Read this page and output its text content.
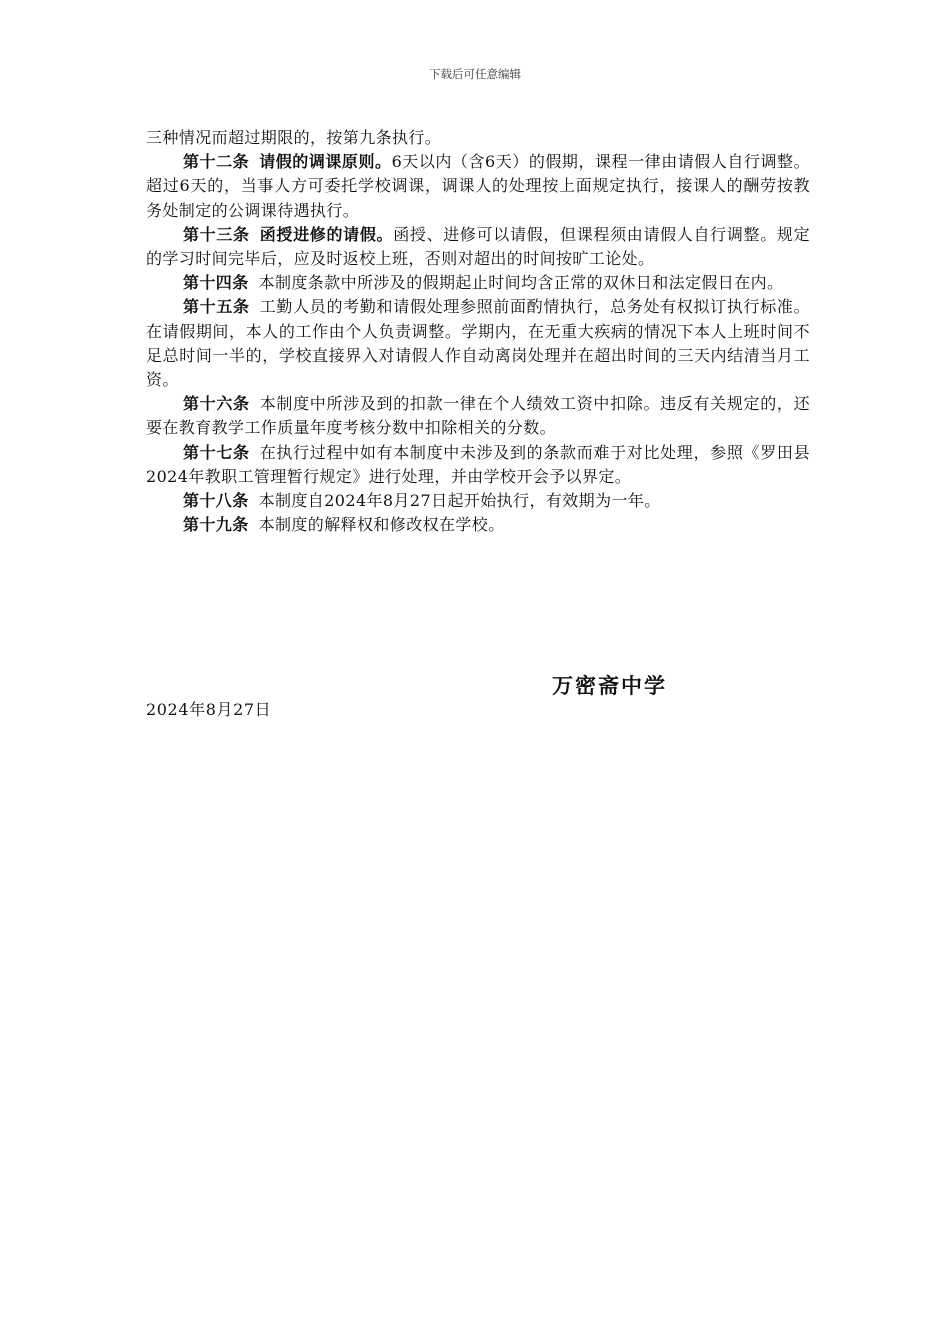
下载后可任意编辑

三种情况而超过期限的，按第九条执行。

第十二条 请假的调课原则。6天以内（含6天）的假期，课程一律由请假人自行调整。超过6天的，当事人方可委托学校调课，调课人的处理按上面规定执行，接课人的酬劳按教务处制定的公调课待遇执行。

第十三条 函授进修的请假。函授、进修可以请假，但课程须由请假人自行调整。规定的学习时间完毕后，应及时返校上班，否则对超出的时间按旷工论处。

第十四条 本制度条款中所涉及的假期起止时间均含正常的双休日和法定假日在内。

第十五条 工勤人员的考勤和请假处理参照前面酌情执行，总务处有权拟订执行标准。在请假期间，本人的工作由个人负责调整。学期内，在无重大疾病的情况下本人上班时间不足总时间一半的，学校直接界入对请假人作自动离岗处理并在超出时间的三天内结清当月工资。

第十六条 本制度中所涉及到的扣款一律在个人绩效工资中扣除。违反有关规定的，还要在教育教学工作质量年度考核分数中扣除相关的分数。

第十七条 在执行过程中如有本制度中未涉及到的条款而难于对比处理，参照《罗田县2024年教职工管理暂行规定》进行处理，并由学校开会予以界定。

第十八条 本制度自2024年8月27日起开始执行，有效期为一年。

第十九条 本制度的解释权和修改权在学校。

万密斋中学
2024年8月27日
